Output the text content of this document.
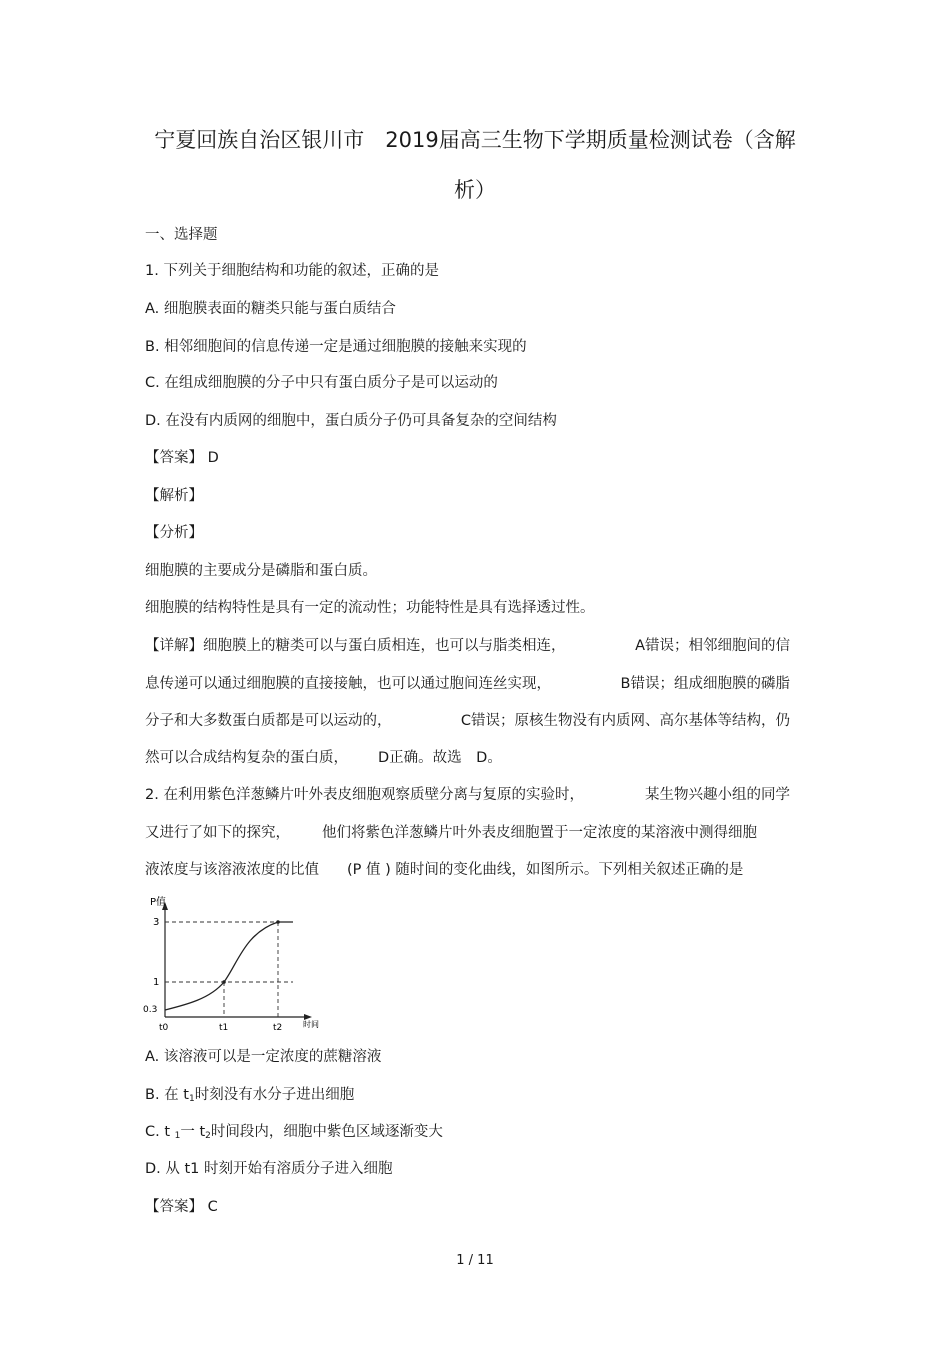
宁夏回族自治区银川市　2019届高三生物下学期质量检测试卷（含解
析）
一、选择题
1. 下列关于细胞结构和功能的叙述，正确的是
A. 细胞膜表面的糖类只能与蛋白质结合
B. 相邻细胞间的信息传递一定是通过细胞膜的接触来实现的
C. 在组成细胞膜的分子中只有蛋白质分子是可以运动的
D. 在没有内质网的细胞中，蛋白质分子仍可具备复杂的空间结构
【答案】 D
【解析】
【分析】
细胞膜的主要成分是磷脂和蛋白质。
细胞膜的结构特性是具有一定的流动性；功能特性是具有选择透过性。
【详解】细胞膜上的糖类可以与蛋白质相连，也可以与脂类相连，	A错误；相邻细胞间的信
息传递可以通过细胞膜的直接接触，也可以通过胞间连丝实现，	B错误；组成细胞膜的磷脂
分子和大多数蛋白质都是可以运动的，	C错误；原核生物没有内质网、高尔基体等结构，仍
然可以合成结构复杂的蛋白质， D正确。故选　D。
2. 在利用紫色洋葱鳞片叶外表皮细胞观察质壁分离与复原的实验时，	某生物兴趣小组的同学
又进行了如下的探究， 他们将紫色洋葱鳞片叶外表皮细胞置于一定浓度的某溶液中测得细胞
液浓度与该溶液浓度的比值 (P 值 ) 随时间的变化曲线，如图所示。下列相关叙述正确的是
P值
时间
3
1
0.3
t0	t1	t2
A. 该溶液可以是一定浓度的蔗糖溶液
B. 在 $t_1$时刻没有水分子进出细胞
C. t $_1$一 $t_2$时间段内，细胞中紫色区域逐渐变大
D. 从 t1 时刻开始有溶质分子进入细胞
【答案】 C
1 / 11
